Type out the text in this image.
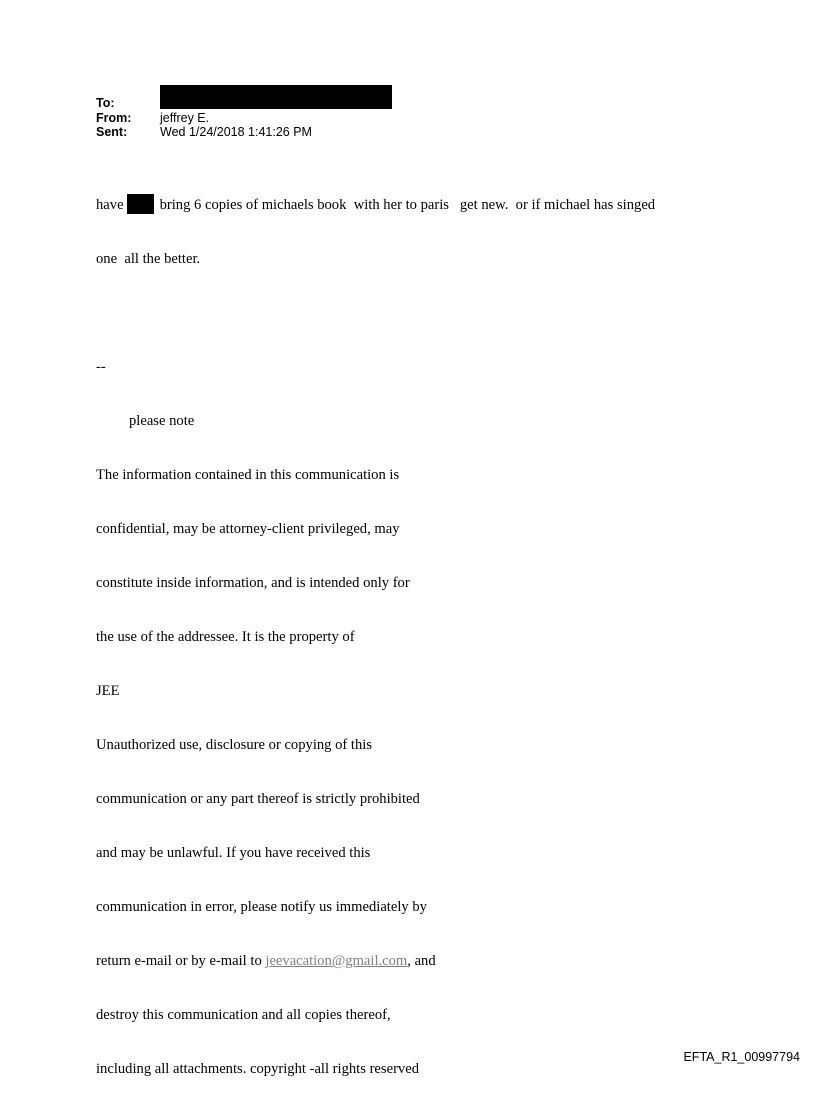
To:
From:	jeffrey E.
Sent:	Wed 1/24/2018 1:41:26 PM

have bring 6 copies of michaels book  with her to paris   get new.  or if michael has singed

one  all the better.

--

please note

The information contained in this communication is

confidential, may be attorney-client privileged, may

constitute inside information, and is intended only for

the use of the addressee. It is the property of

JEE

Unauthorized use, disclosure or copying of this

communication or any part thereof is strictly prohibited

and may be unlawful. If you have received this

communication in error, please notify us immediately by

return e-mail or by e-mail to jeevacation@gmail.com, and

destroy this communication and all copies thereof,

including all attachments. copyright -all rights reserved

EFTA_R1_00997794
